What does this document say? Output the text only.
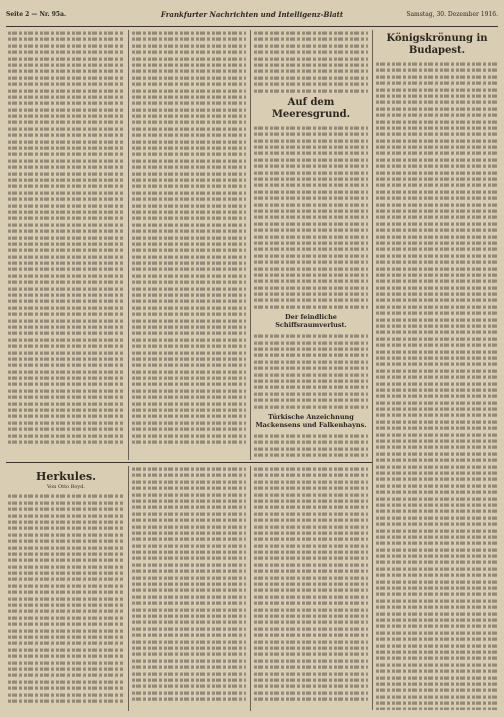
Seite 2 — Nr. 95a.	Frankfurter Nachrichten und Intelligenz-Blatt	Samstag, 30. Dezember 1916.
Auf dem Meeresgrund.
Der feindliche Schiffsraumverlust.
Türkische Anzeichnung Mackensens und Falkenhayns.
Königskrönung in Budapest.
Herkules.
Von Otto Boyd.
